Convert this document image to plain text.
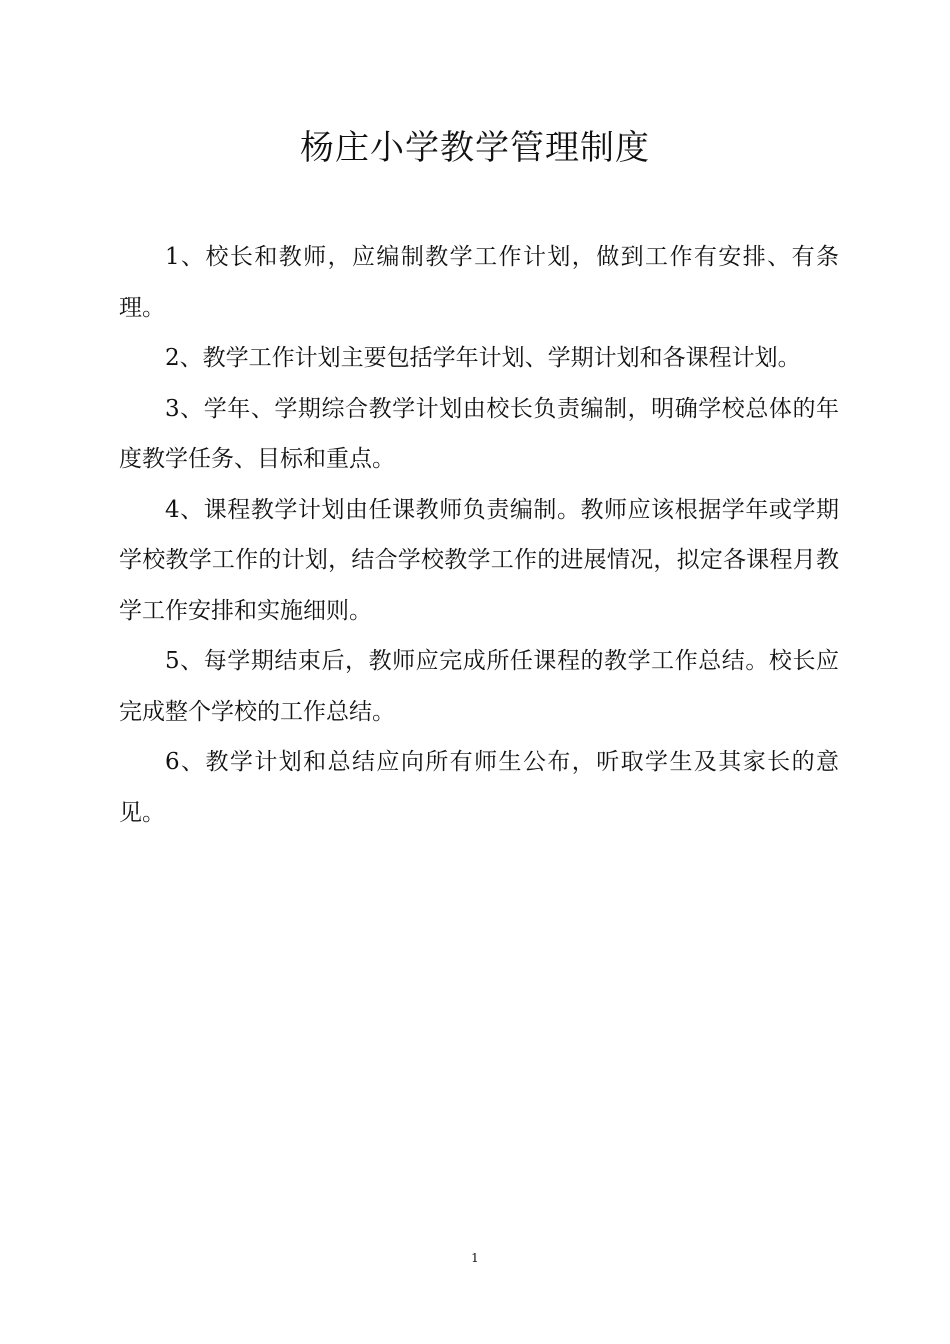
杨庄小学教学管理制度

1、校长和教师，应编制教学工作计划，做到工作有安排、有条理。

2、教学工作计划主要包括学年计划、学期计划和各课程计划。

3、学年、学期综合教学计划由校长负责编制，明确学校总体的年度教学任务、目标和重点。

4、课程教学计划由任课教师负责编制。教师应该根据学年或学期学校教学工作的计划，结合学校教学工作的进展情况，拟定各课程月教学工作安排和实施细则。

5、每学期结束后，教师应完成所任课程的教学工作总结。校长应完成整个学校的工作总结。

6、教学计划和总结应向所有师生公布，听取学生及其家长的意见。

1
